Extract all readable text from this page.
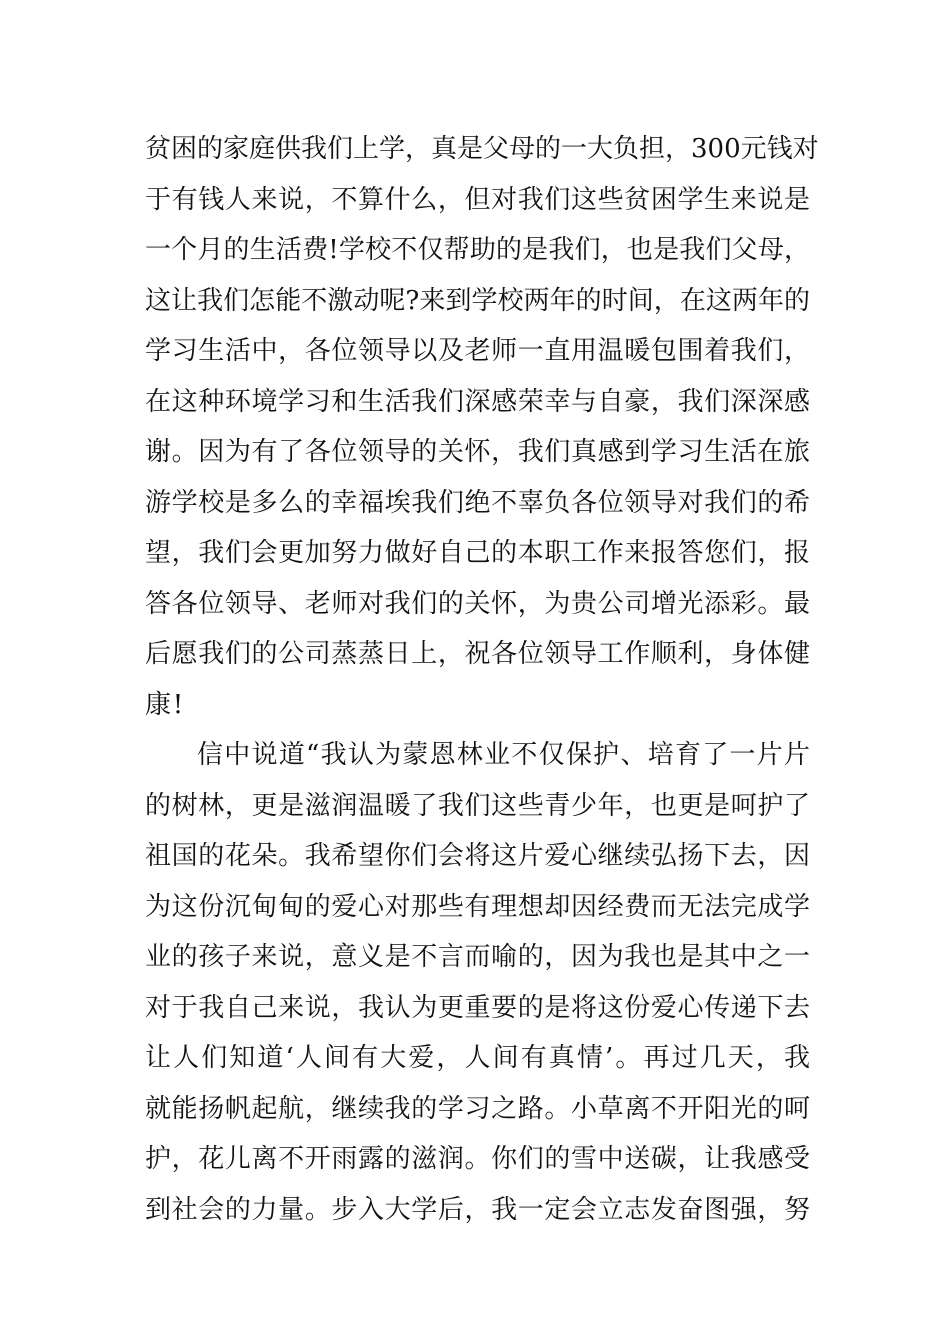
贫困的家庭供我们上学，真是父母的一大负担，300元钱对
于有钱人来说，不算什么，但对我们这些贫困学生来说是
一个月的生活费!学校不仅帮助的是我们，也是我们父母，
这让我们怎能不激动呢?来到学校两年的时间，在这两年的
学习生活中，各位领导以及老师一直用温暖包围着我们，
在这种环境学习和生活我们深感荣幸与自豪，我们深深感
谢。因为有了各位领导的关怀，我们真感到学习生活在旅
游学校是多么的幸福埃我们绝不辜负各位领导对我们的希
望，我们会更加努力做好自己的本职工作来报答您们，报
答各位领导、老师对我们的关怀，为贵公司增光添彩。最
后愿我们的公司蒸蒸日上，祝各位领导工作顺利，身体健
康!
信中说道“我认为蒙恩林业不仅保护、培育了一片片
的树林，更是滋润温暖了我们这些青少年，也更是呵护了
祖国的花朵。我希望你们会将这片爱心继续弘扬下去，因
为这份沉甸甸的爱心对那些有理想却因经费而无法完成学
业的孩子来说，意义是不言而喻的，因为我也是其中之一
对于我自己来说，我认为更重要的是将这份爱心传递下去
让人们知道‘人间有大爱，人间有真情’。再过几天，我
就能扬帆起航，继续我的学习之路。小草离不开阳光的呵
护，花儿离不开雨露的滋润。你们的雪中送碳，让我感受
到社会的力量。步入大学后，我一定会立志发奋图强，努
